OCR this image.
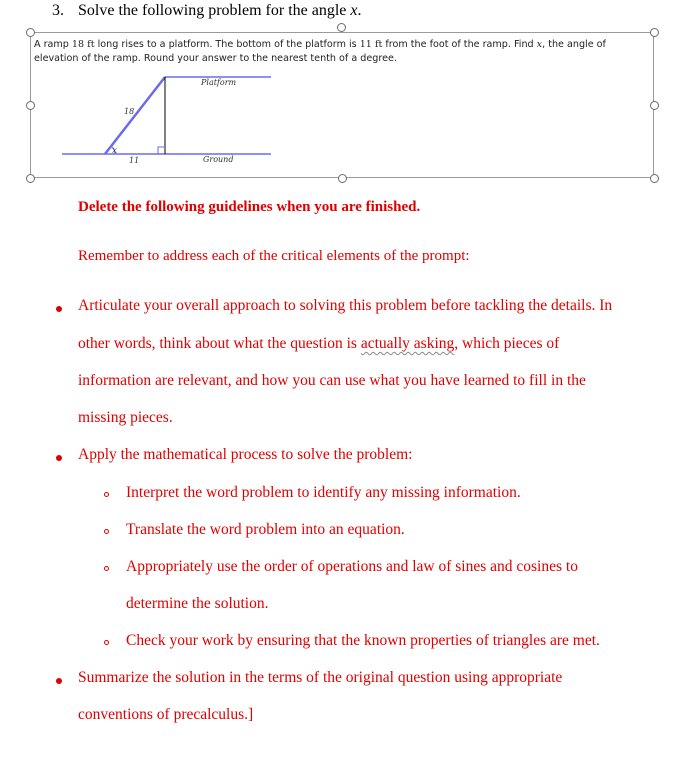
3. Solve the following problem for the angle x.

A ramp 18 ft long rises to a platform. The bottom of the platform is 11 ft from the foot of the ramp. Find x, the angle of elevation of the ramp. Round your answer to the nearest tenth of a degree.

Platform
Ground
18
11
x
Delete the following guidelines when you are finished.
Remember to address each of the critical elements of the prompt:
Articulate your overall approach to solving this problem before tackling the details. In
other words, think about what the question is actually asking, which pieces of
information are relevant, and how you can use what you have learned to fill in the
missing pieces.
Apply the mathematical process to solve the problem:
Interpret the word problem to identify any missing information.
Translate the word problem into an equation.
Appropriately use the order of operations and law of sines and cosines to
determine the solution.
Check your work by ensuring that the known properties of triangles are met.
Summarize the solution in the terms of the original question using appropriate
conventions of precalculus.]
